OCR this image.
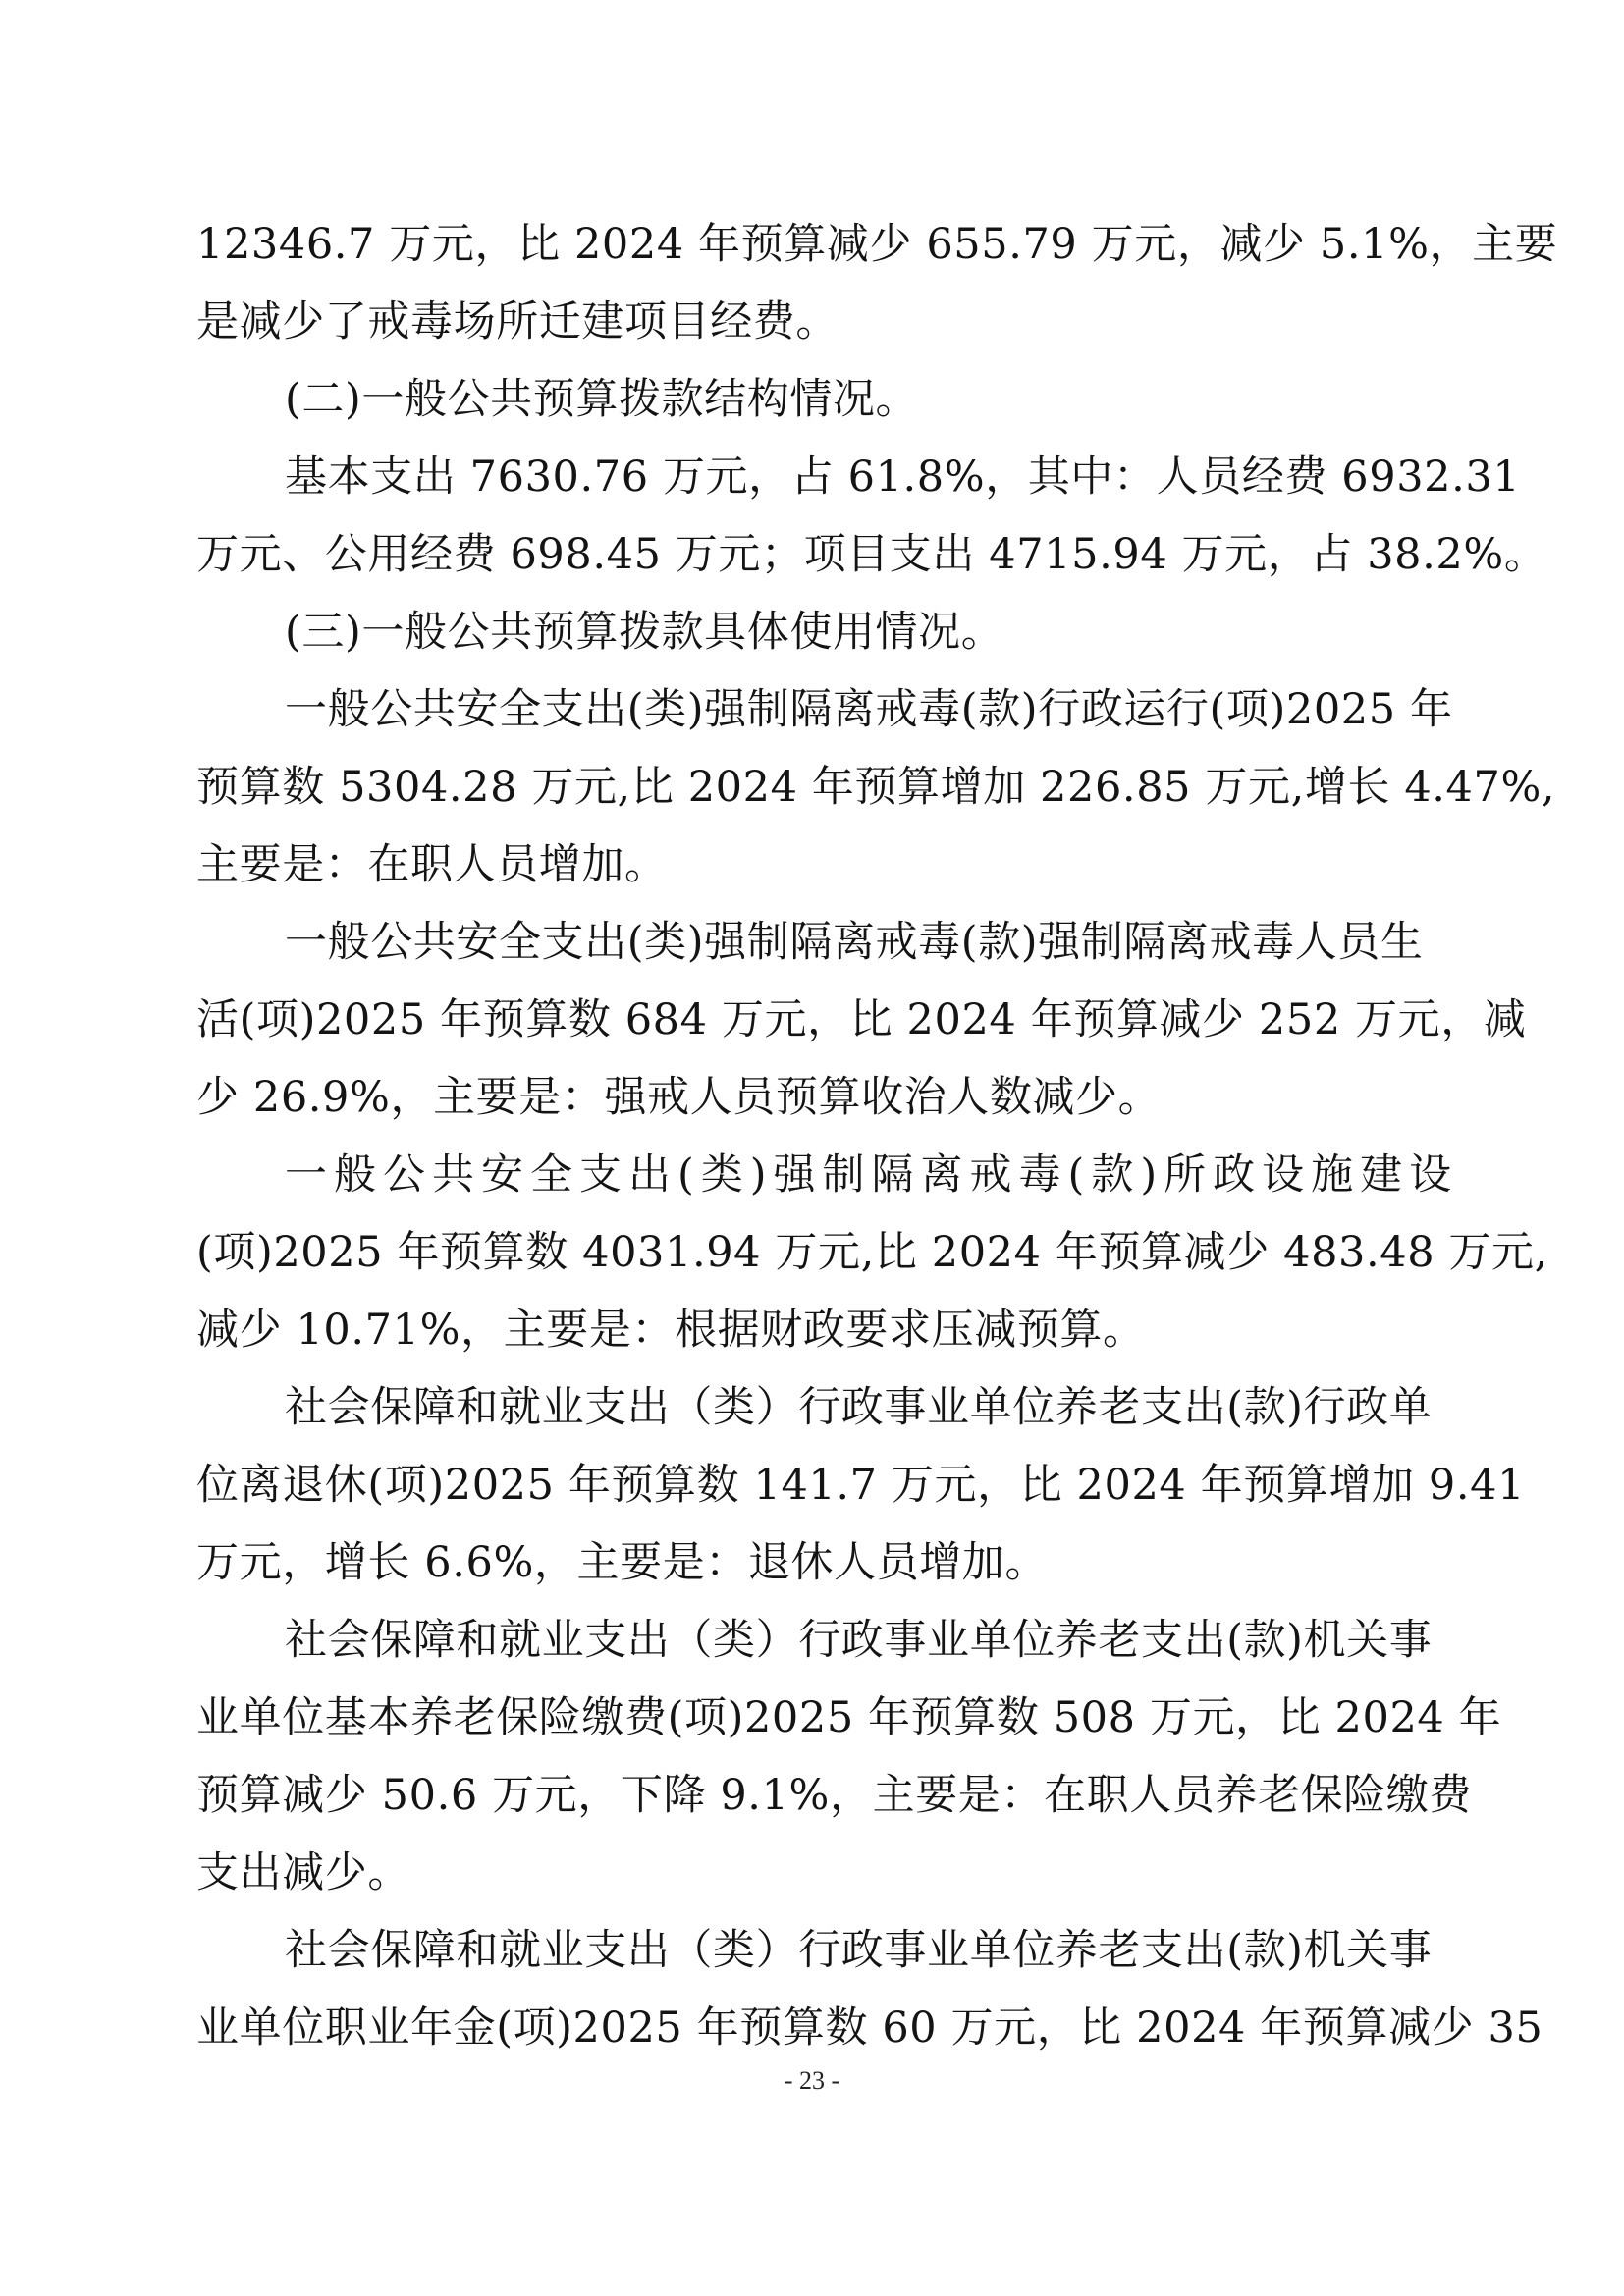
12346.7 万元，比 2024 年预算减少 655.79 万元，减少 5.1%，主要
是减少了戒毒场所迁建项目经费。
(二)一般公共预算拨款结构情况。
基本支出 7630.76 万元，占 61.8%，其中：人员经费 6932.31
万元、公用经费 698.45 万元；项目支出 4715.94 万元，占 38.2%。
(三)一般公共预算拨款具体使用情况。
一般公共安全支出(类)强制隔离戒毒(款)行政运行(项)2025 年
预算数 5304.28 万元,比 2024 年预算增加 226.85 万元,增长 4.47%,
主要是：在职人员增加。
一般公共安全支出(类)强制隔离戒毒(款)强制隔离戒毒人员生
活(项)2025 年预算数 684 万元，比 2024 年预算减少 252 万元，减
少 26.9%，主要是：强戒人员预算收治人数减少。
一般公共安全支出(类)强制隔离戒毒(款)所政设施建设
(项)2025 年预算数 4031.94 万元,比 2024 年预算减少 483.48 万元,
减少 10.71%，主要是：根据财政要求压减预算。
社会保障和就业支出（类）行政事业单位养老支出(款)行政单
位离退休(项)2025 年预算数 141.7 万元，比 2024 年预算增加 9.41
万元，增长 6.6%，主要是：退休人员增加。
社会保障和就业支出（类）行政事业单位养老支出(款)机关事
业单位基本养老保险缴费(项)2025 年预算数 508 万元，比 2024 年
预算减少 50.6 万元，下降 9.1%，主要是：在职人员养老保险缴费
支出减少。
社会保障和就业支出（类）行政事业单位养老支出(款)机关事
业单位职业年金(项)2025 年预算数 60 万元，比 2024 年预算减少 35
- 23 -
